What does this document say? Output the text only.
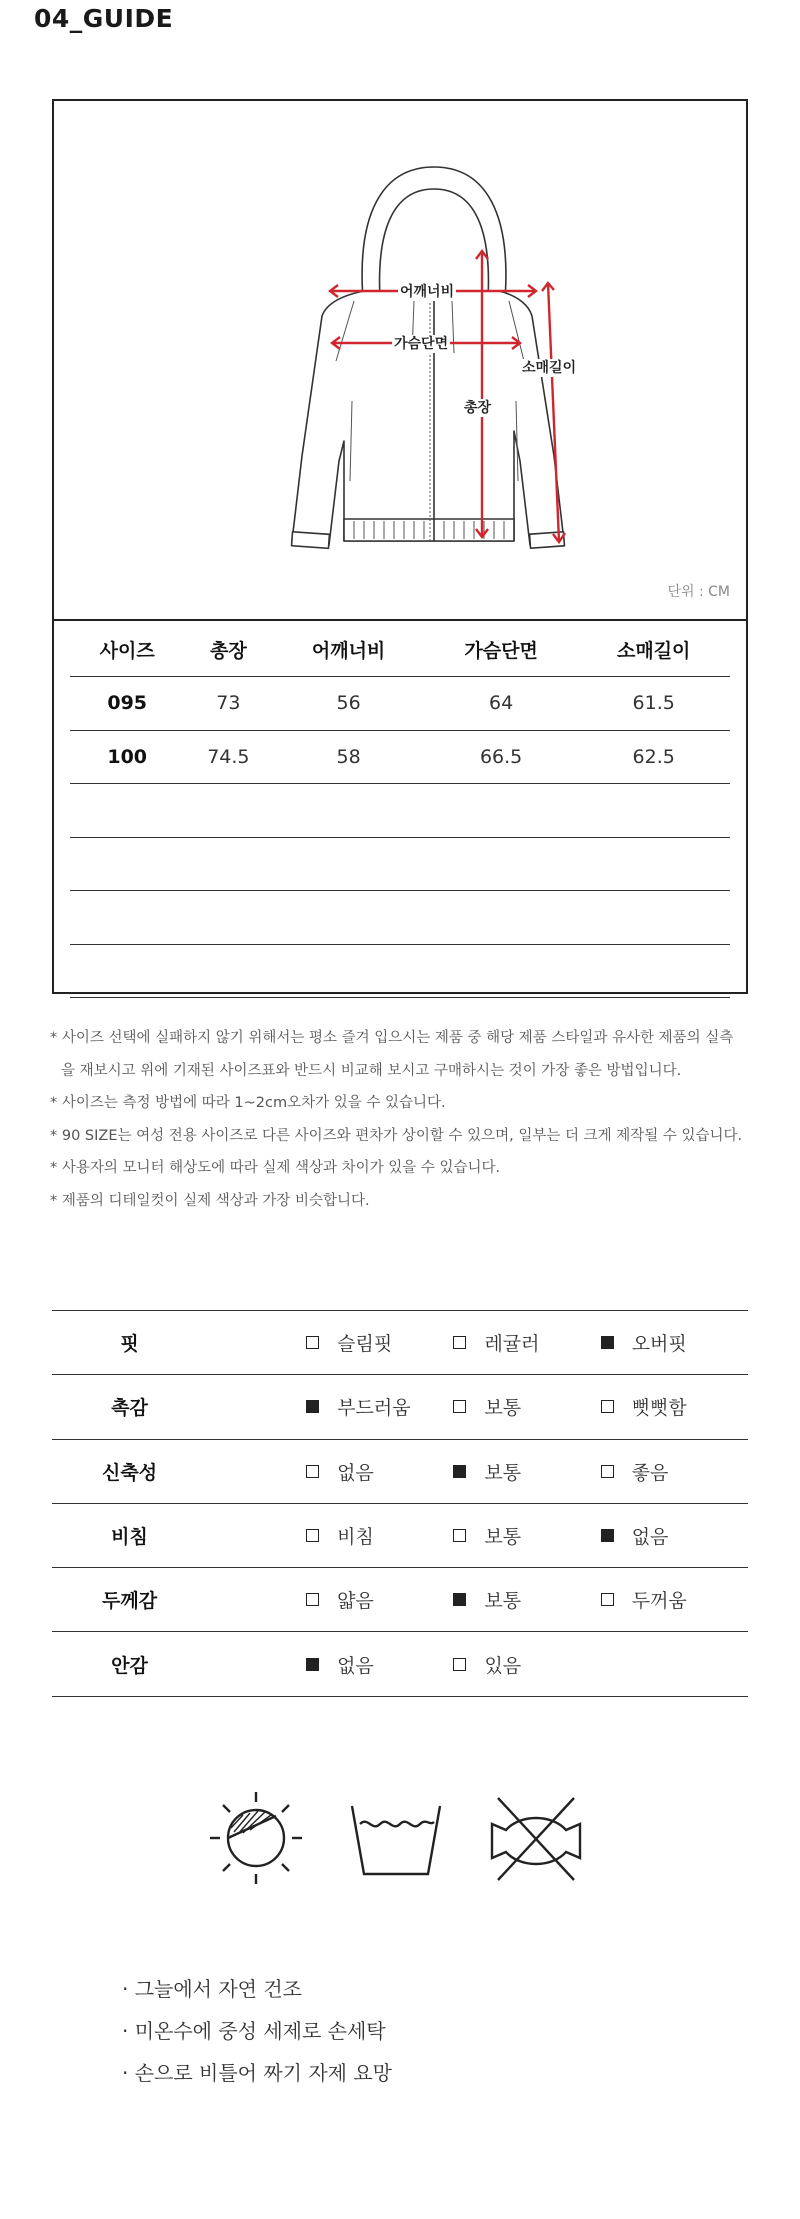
04_GUIDE
어깨너비
가슴단면
총장
소매길이
단위 : CM
사이즈	총장	어깨너비	가슴단면	소매길이
095	73	56	64	61.5
100	74.5	58	66.5	62.5

* 사이즈 선택에 실패하지 않기 위해서는 평소 즐겨 입으시는 제품 중 해당 제품 스타일과 유사한 제품의 실측
을 재보시고 위에 기재된 사이즈표와 반드시 비교해 보시고 구매하시는 것이 가장 좋은 방법입니다.
* 사이즈는 측정 방법에 따라 1~2cm오차가 있을 수 있습니다.
* 90 SIZE는 여성 전용 사이즈로 다른 사이즈와 편차가 상이할 수 있으며, 일부는 더 크게 제작될 수 있습니다.
* 사용자의 모니터 해상도에 따라 실제 색상과 차이가 있을 수 있습니다.
* 제품의 디테일컷이 실제 색상과 가장 비슷합니다.
핏		슬림핏	레귤러	오버핏
촉감		부드러움	보통	뻣뻣함
신축성		없음	보통	좋음
비침		비침	보통	없음
두께감		얇음	보통	두꺼움
안감		없음	있음	
· 그늘에서 자연 건조
· 미온수에 중성 세제로 손세탁
· 손으로 비틀어 짜기 자제 요망
